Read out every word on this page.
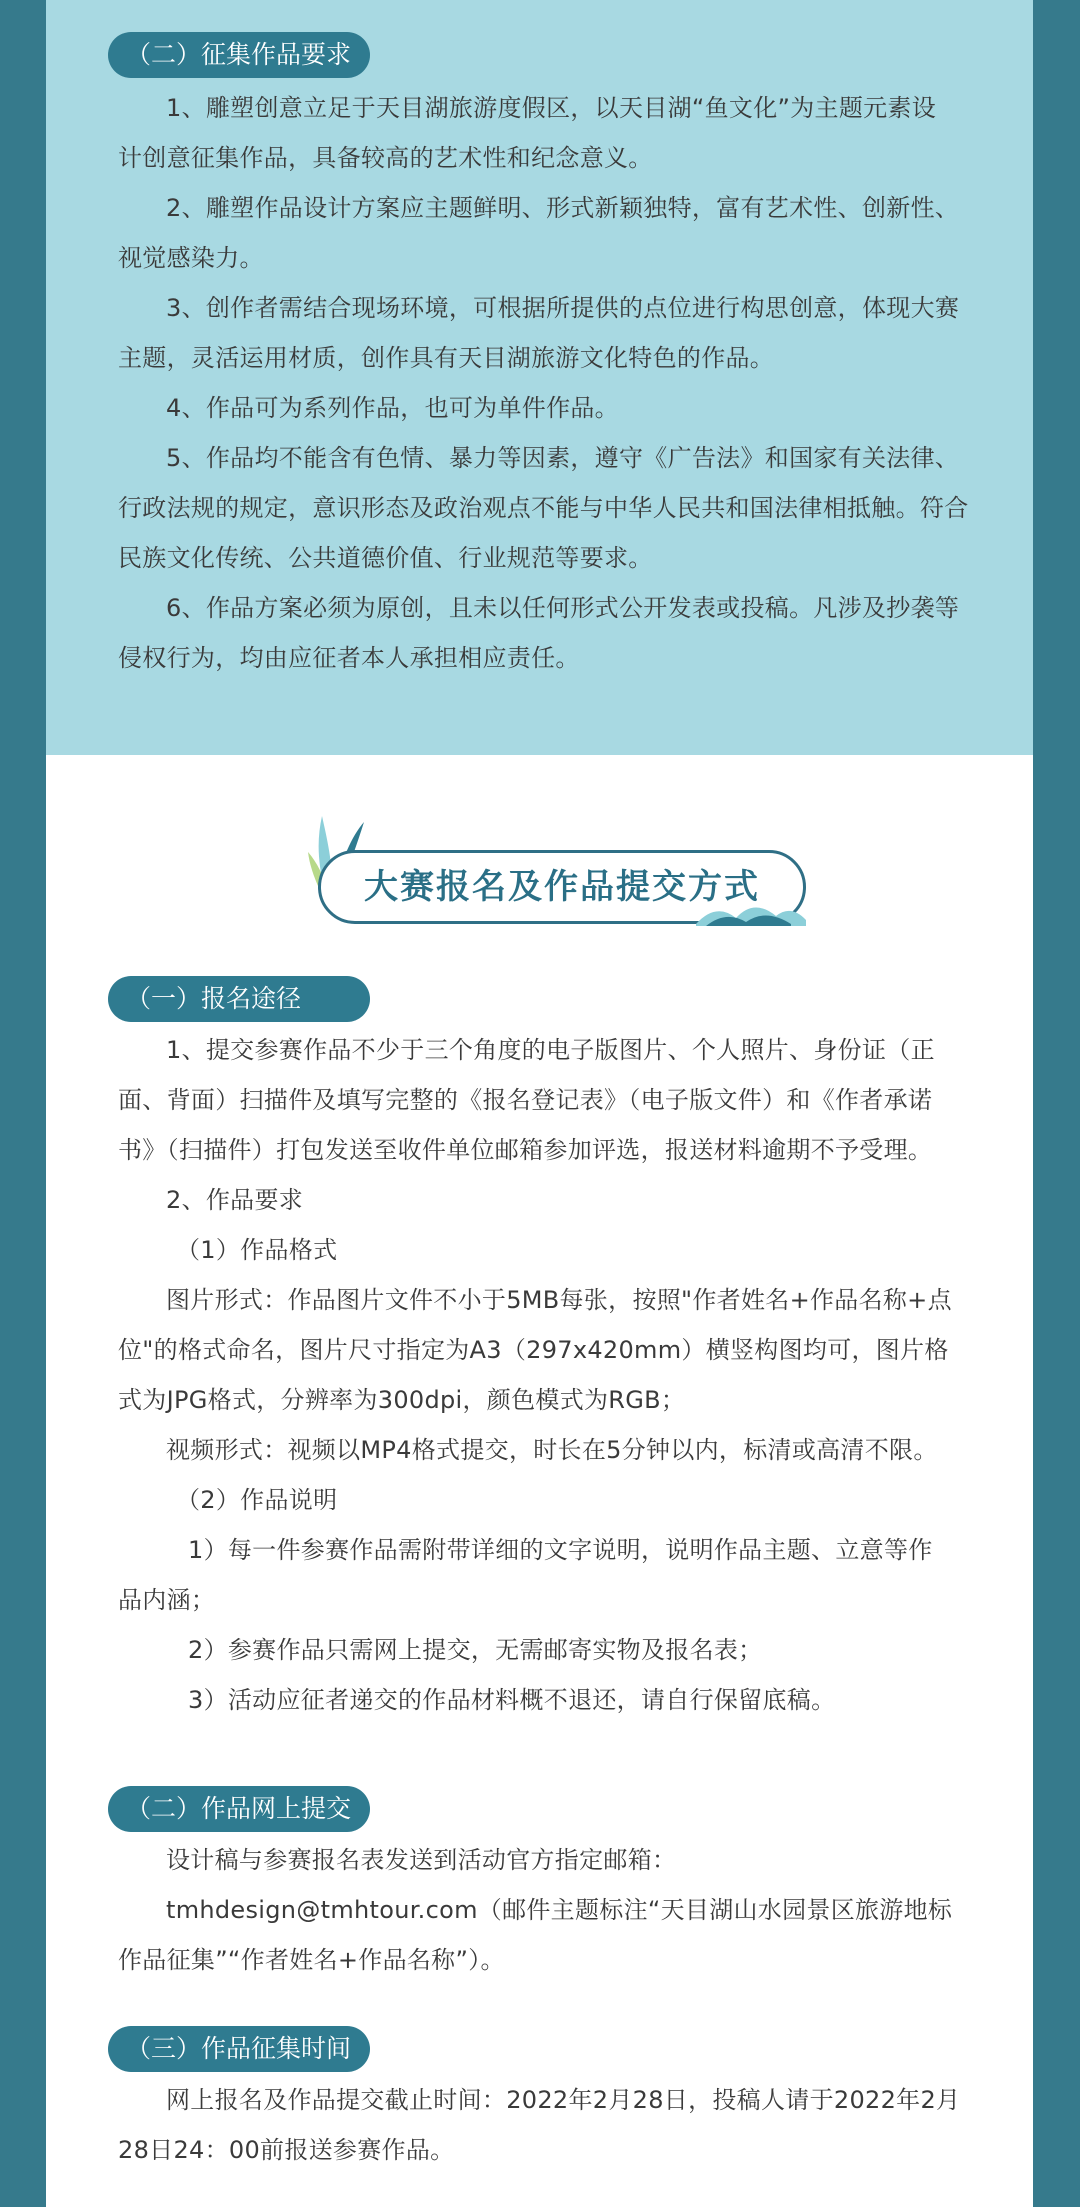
（二）征集作品要求
1、雕塑创意立足于天目湖旅游度假区，以天目湖“鱼文化”为主题元素设
计创意征集作品，具备较高的艺术性和纪念意义。
2、雕塑作品设计方案应主题鲜明、形式新颖独特，富有艺术性、创新性、
视觉感染力。
3、创作者需结合现场环境，可根据所提供的点位进行构思创意，体现大赛
主题，灵活运用材质，创作具有天目湖旅游文化特色的作品。
4、作品可为系列作品，也可为单件作品。
5、作品均不能含有色情、暴力等因素，遵守《广告法》和国家有关法律、
行政法规的规定，意识形态及政治观点不能与中华人民共和国法律相抵触。符合
民族文化传统、公共道德价值、行业规范等要求。
6、作品方案必须为原创，且未以任何形式公开发表或投稿。凡涉及抄袭等
侵权行为，均由应征者本人承担相应责任。
大赛报名及作品提交方式
（一）报名途径
1、提交参赛作品不少于三个角度的电子版图片、个人照片、身份证（正
面、背面）扫描件及填写完整的《报名登记表》（电子版文件）和《作者承诺
书》（扫描件）打包发送至收件单位邮箱参加评选，报送材料逾期不予受理。
2、作品要求
（1）作品格式
图片形式：作品图片文件不小于5MB每张，按照"作者姓名+作品名称+点
位"的格式命名，图片尺寸指定为A3（297x420mm）横竖构图均可，图片格
式为JPG格式，分辨率为300dpi，颜色模式为RGB；
视频形式：视频以MP4格式提交，时长在5分钟以内，标清或高清不限。
（2）作品说明
1）每一件参赛作品需附带详细的文字说明，说明作品主题、立意等作
品内涵；
2）参赛作品只需网上提交，无需邮寄实物及报名表；
3）活动应征者递交的作品材料概不退还，请自行保留底稿。
（二）作品网上提交
设计稿与参赛报名表发送到活动官方指定邮箱：
tmhdesign@tmhtour.com（邮件主题标注“天目湖山水园景区旅游地标
作品征集”“作者姓名+作品名称”）。
（三）作品征集时间
网上报名及作品提交截止时间：2022年2月28日，投稿人请于2022年2月
28日24：00前报送参赛作品。
